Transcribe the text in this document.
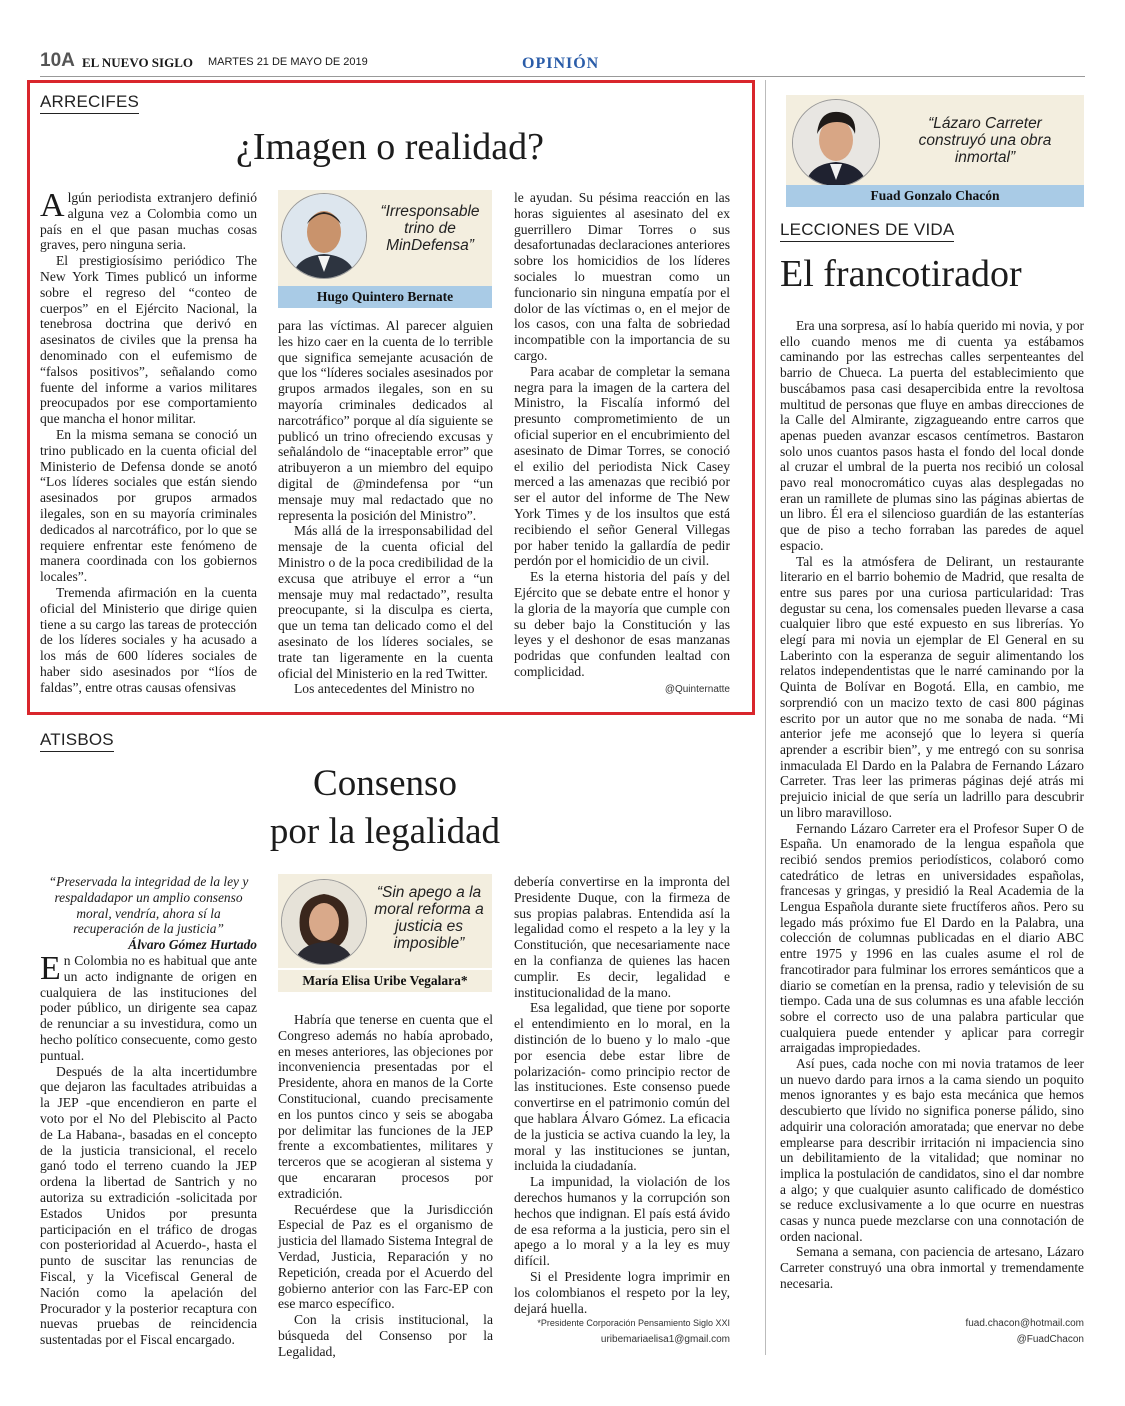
10A EL NUEVO SIGLO MARTES 21 DE MAYO DE 2019	OPINIÓN
ARRECIFES
¿Imagen o realidad?
“Irresponsable trino de MinDefensa”
Hugo Quintero Bernate

Algún periodista extranjero definió alguna vez a Colombia como un país en el que pasan muchas cosas graves, pero ninguna seria.

El prestigiosísimo periódico The New York Times publicó un informe sobre el regreso del “conteo de cuerpos” en el Ejército Nacional, la tenebrosa doctrina que derivó en asesinatos de civiles que la prensa ha denominado con el eufemismo de “falsos positivos”, señalando como fuente del informe a varios militares preocupados por ese comportamiento que mancha el honor militar.

En la misma semana se conoció un trino publicado en la cuenta oficial del Ministerio de Defensa donde se anotó “Los líderes sociales que están siendo asesinados por grupos armados ilegales, son en su mayoría criminales dedicados al narcotráfico, por lo que se requiere enfrentar este fenómeno de manera coordinada con los gobiernos locales”.

Tremenda afirmación en la cuenta oficial del Ministerio que dirige quien tiene a su cargo las tareas de protección de los líderes sociales y ha acusado a los más de 600 líderes sociales de haber sido asesinados por “líos de faldas”, entre otras causas ofensivas

para las víctimas. Al parecer alguien les hizo caer en la cuenta de lo terrible que significa semejante acusación de que los “líderes sociales asesinados por grupos armados ilegales, son en su mayoría criminales dedicados al narcotráfico” porque al día siguiente se publicó un trino ofreciendo excusas y señalándolo de “inaceptable error” que atribuyeron a un miembro del equipo digital de @mindefensa por “un mensaje muy mal redactado que no representa la posición del Ministro”.

Más allá de la irresponsabilidad del mensaje de la cuenta oficial del Ministro o de la poca credibilidad de la excusa que atribuye el error a “un mensaje muy mal redactado”, resulta preocupante, si la disculpa es cierta, que un tema tan delicado como el del asesinato de los líderes sociales, se trate tan ligeramente en la cuenta oficial del Ministerio en la red Twitter.

Los antecedentes del Ministro no

le ayudan. Su pésima reacción en las horas siguientes al asesinato del ex guerrillero Dimar Torres o sus desafortunadas declaraciones anteriores sobre los homicidios de los líderes sociales lo muestran como un funcionario sin ninguna empatía por el dolor de las víctimas o, en el mejor de los casos, con una falta de sobriedad incompatible con la importancia de su cargo.

Para acabar de completar la semana negra para la imagen de la cartera del Ministro, la Fiscalía informó del presunto comprometimiento de un oficial superior en el encubrimiento del asesinato de Dimar Torres, se conoció el exilio del periodista Nick Casey merced a las amenazas que recibió por ser el autor del informe de The New York Times y de los insultos que está recibiendo el señor General Villegas por haber tenido la gallardía de pedir perdón por el homicidio de un civil.

Es la eterna historia del país y del Ejército que se debate entre el honor y la gloria de la mayoría que cumple con su deber bajo la Constitución y las leyes y el deshonor de esas manzanas podridas que confunden lealtad con complicidad.

@Quinternatte
ATISBOS
Consenso
por la legalidad
“Preservada la integridad de la ley y respaldadapor un amplio consenso moral, vendría, ahora sí la recuperación de la justicia”
Álvaro Gómez Hurtado

En Colombia no es habitual que ante un acto indignante de origen en cualquiera de las instituciones del poder público, un dirigente sea capaz de renunciar a su investidura, como un hecho político consecuente, como gesto puntual.

Después de la alta incertidumbre que dejaron las facultades atribuidas a la JEP -que encendieron en parte el voto por el No del Plebiscito al Pacto de La Habana-, basadas en el concepto de la justicia transicional, el recelo ganó todo el terreno cuando la JEP ordena la libertad de Santrich y no autoriza su extradición -solicitada por Estados Unidos por presunta participación en el tráfico de drogas con posterioridad al Acuerdo-, hasta el punto de suscitar las renuncias de Fiscal, y la Vicefiscal General de Nación como la apelación del Procurador y la posterior recaptura con nuevas pruebas de reincidencia sustentadas por el Fiscal encargado.

“Sin apego a la moral reforma a justicia es imposible”
María Elisa Uribe Vegalara*

Habría que tenerse en cuenta que el Congreso además no había aprobado, en meses anteriores, las objeciones por inconveniencia presentadas por el Presidente, ahora en manos de la Corte Constitucional, cuando precisamente en los puntos cinco y seis se abogaba por delimitar las funciones de la JEP frente a excombatientes, militares y terceros que se acogieran al sistema y que encararan procesos por extradición.

Recuérdese que la Jurisdicción Especial de Paz es el organismo de justicia del llamado Sistema Integral de Verdad, Justicia, Reparación y no Repetición, creada por el Acuerdo del gobierno anterior con las Farc-EP con ese marco específico.

Con la crisis institucional, la búsqueda del Consenso por la Legalidad,

debería convertirse en la impronta del Presidente Duque, con la firmeza de sus propias palabras. Entendida así la legalidad como el respeto a la ley y la Constitución, que necesariamente nace en la confianza de quienes las hacen cumplir. Es decir, legalidad e institucionalidad de la mano.

Esa legalidad, que tiene por soporte el entendimiento en lo moral, en la distinción de lo bueno y lo malo -que por esencia debe estar libre de polarización- como principio rector de las instituciones. Este consenso puede convertirse en el patrimonio común del que hablara Álvaro Gómez. La eficacia de la justicia se activa cuando la ley, la moral y las instituciones se juntan, incluida la ciudadanía.

La impunidad, la violación de los derechos humanos y la corrupción son hechos que indignan. El país está ávido de esa reforma a la justicia, pero sin el apego a lo moral y a la ley es muy difícil.

Si el Presidente logra imprimir en los colombianos el respeto por la ley, dejará huella.

*Presidente Corporación Pensamiento Siglo XXI
uribemariaelisa1@gmail.com
“Lázaro Carreter construyó una obra inmortal”
Fuad Gonzalo Chacón
LECCIONES DE VIDA
El francotirador

Era una sorpresa, así lo había querido mi novia, y por ello cuando menos me di cuenta ya estábamos caminando por las estrechas calles serpenteantes del barrio de Chueca. La puerta del establecimiento que buscábamos pasa casi desapercibida entre la revoltosa multitud de personas que fluye en ambas direcciones de la Calle del Almirante, zigzagueando entre carros que apenas pueden avanzar escasos centímetros. Bastaron solo unos cuantos pasos hasta el fondo del local donde al cruzar el umbral de la puerta nos recibió un colosal pavo real monocromático cuyas alas desplegadas no eran un ramillete de plumas sino las páginas abiertas de un libro. Él era el silencioso guardián de las estanterías que de piso a techo forraban las paredes de aquel espacio.

Tal es la atmósfera de Delirant, un restaurante literario en el barrio bohemio de Madrid, que resalta de entre sus pares por una curiosa particularidad: Tras degustar su cena, los comensales pueden llevarse a casa cualquier libro que esté expuesto en sus librerías. Yo elegí para mi novia un ejemplar de El General en su Laberinto con la esperanza de seguir alimentando los relatos independentistas que le narré caminando por la Quinta de Bolívar en Bogotá. Ella, en cambio, me sorprendió con un macizo texto de casi 800 páginas escrito por un autor que no me sonaba de nada. “Mi anterior jefe me aconsejó que lo leyera si quería aprender a escribir bien”, y me entregó con su sonrisa inmaculada El Dardo en la Palabra de Fernando Lázaro Carreter. Tras leer las primeras páginas dejé atrás mi prejuicio inicial de que sería un ladrillo para descubrir un libro maravilloso.

Fernando Lázaro Carreter era el Profesor Super O de España. Un enamorado de la lengua española que recibió sendos premios periodísticos, colaboró como catedrático de letras en universidades españolas, francesas y gringas, y presidió la Real Academia de la Lengua Española durante siete fructíferos años. Pero su legado más próximo fue El Dardo en la Palabra, una colección de columnas publicadas en el diario ABC entre 1975 y 1996 en las cuales asume el rol de francotirador para fulminar los errores semánticos que a diario se cometían en la prensa, radio y televisión de su tiempo. Cada una de sus columnas es una afable lección sobre el correcto uso de una palabra particular que cualquiera puede entender y aplicar para corregir arraigadas impropiedades.

Así pues, cada noche con mi novia tratamos de leer un nuevo dardo para irnos a la cama siendo un poquito menos ignorantes y es bajo esta mecánica que hemos descubierto que lívido no significa ponerse pálido, sino adquirir una coloración amoratada; que enervar no debe emplearse para describir irritación ni impaciencia sino un debilitamiento de la vitalidad; que nominar no implica la postulación de candidatos, sino el dar nombre a algo; y que cualquier asunto calificado de doméstico se reduce exclusivamente a lo que ocurre en nuestras casas y nunca puede mezclarse con una connotación de orden nacional.

Semana a semana, con paciencia de artesano, Lázaro Carreter construyó una obra inmortal y tremendamente necesaria.

fuad.chacon@hotmail.com
@FuadChacon
